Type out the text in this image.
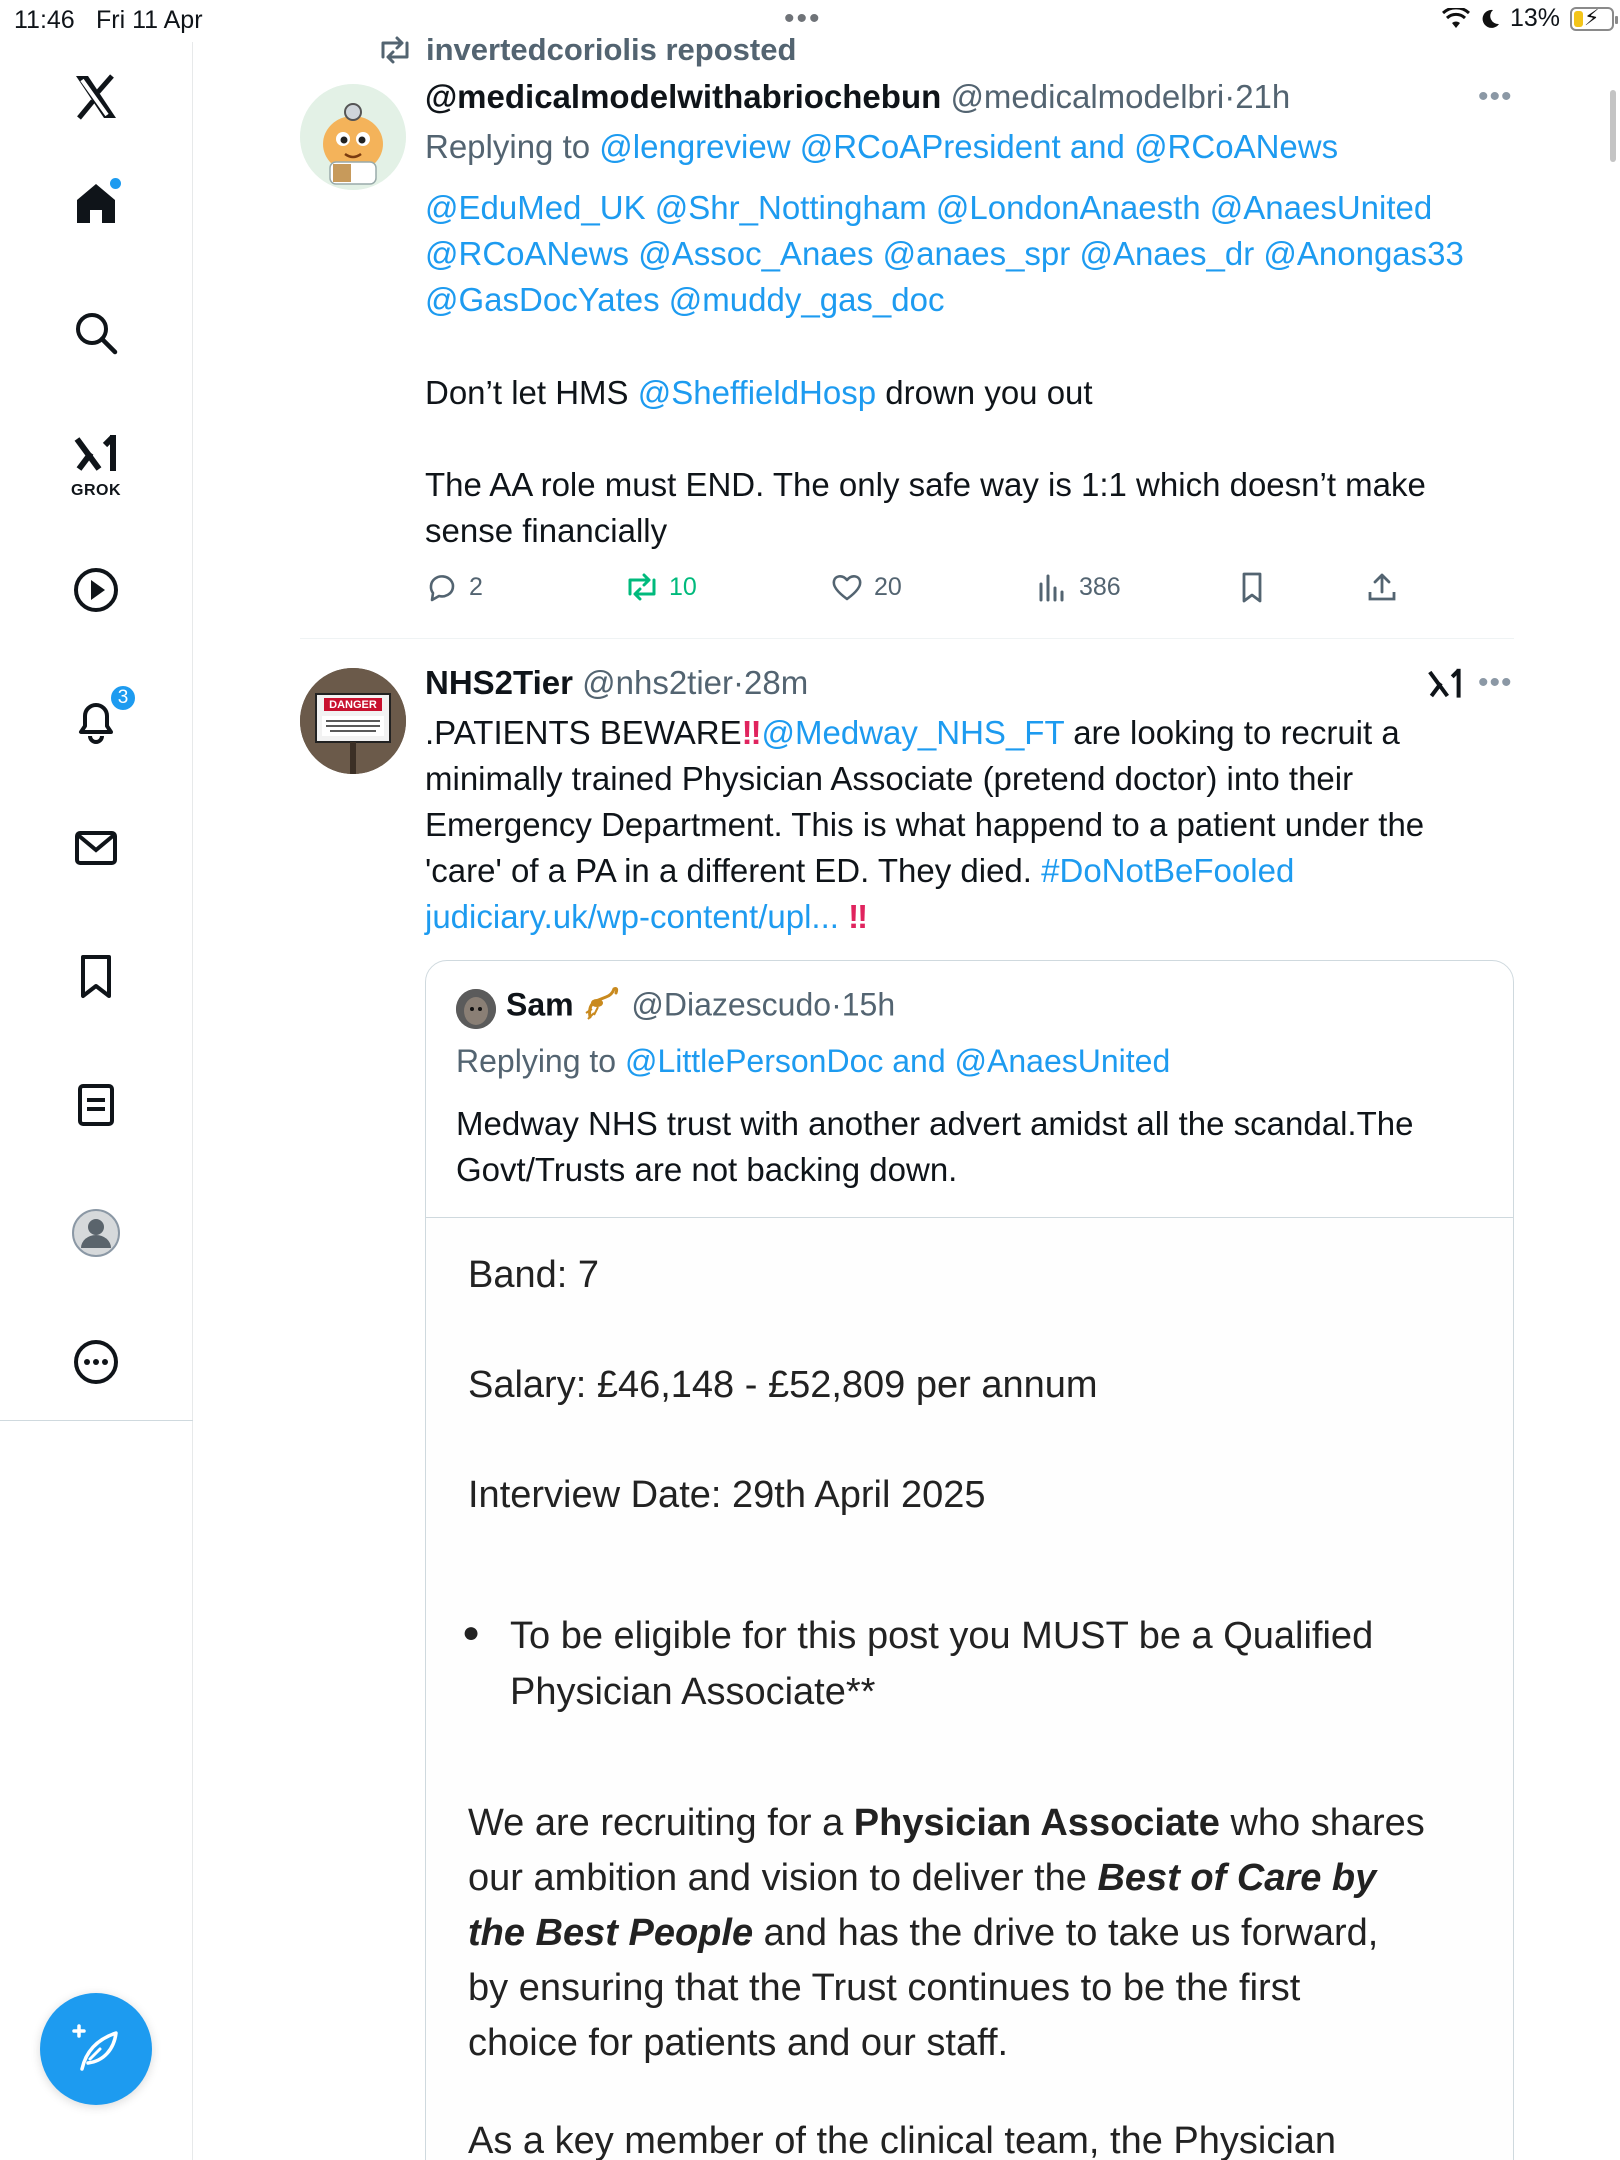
11:46 Fri 11 Apr	•••	13% ⚡
GROK
3
invertedcoriolis reposted
@medicalmodelwithabriochebun @medicalmodelbri·21h	•••
Replying to @lengreview @RCoAPresident and @RCoANews
@EduMed_UK @Shr_Nottingham @LondonAnaesth @AnaesUnited
@RCoANews @Assoc_Anaes @anaes_spr @Anaes_dr @Anongas33
@GasDocYates @muddy_gas_doc
Don’t let HMS @SheffieldHosp drown you out
The AA role must END. The only safe way is 1:1 which doesn’t make
sense financially
2	10	20	386
DANGER
NHS2Tier @nhs2tier·28m	•••
.PATIENTS BEWARE‼@Medway_NHS_FT are looking to recruit a
minimally trained Physician Associate (pretend doctor) into their
Emergency Department. This is what happend to a patient under the
'care' of a PA in a different ED. They died. #DoNotBeFooled
judiciary.uk/wp-content/upl... ‼
Sam @Diazescudo·15h
Replying to @LittlePersonDoc and @AnaesUnited
Medway NHS trust with another advert amidst all the scandal.The
Govt/Trusts are not backing down.
Band: 7
Salary: £46,148 - £52,809 per annum
Interview Date: 29th April 2025
● To be eligible for this post you MUST be a Qualified
Physician Associate**
We are recruiting for a Physician Associate who shares
our ambition and vision to deliver the Best of Care by
the Best People and has the drive to take us forward,
by ensuring that the Trust continues to be the first
choice for patients and our staff.
As a key member of the clinical team, the Physician
